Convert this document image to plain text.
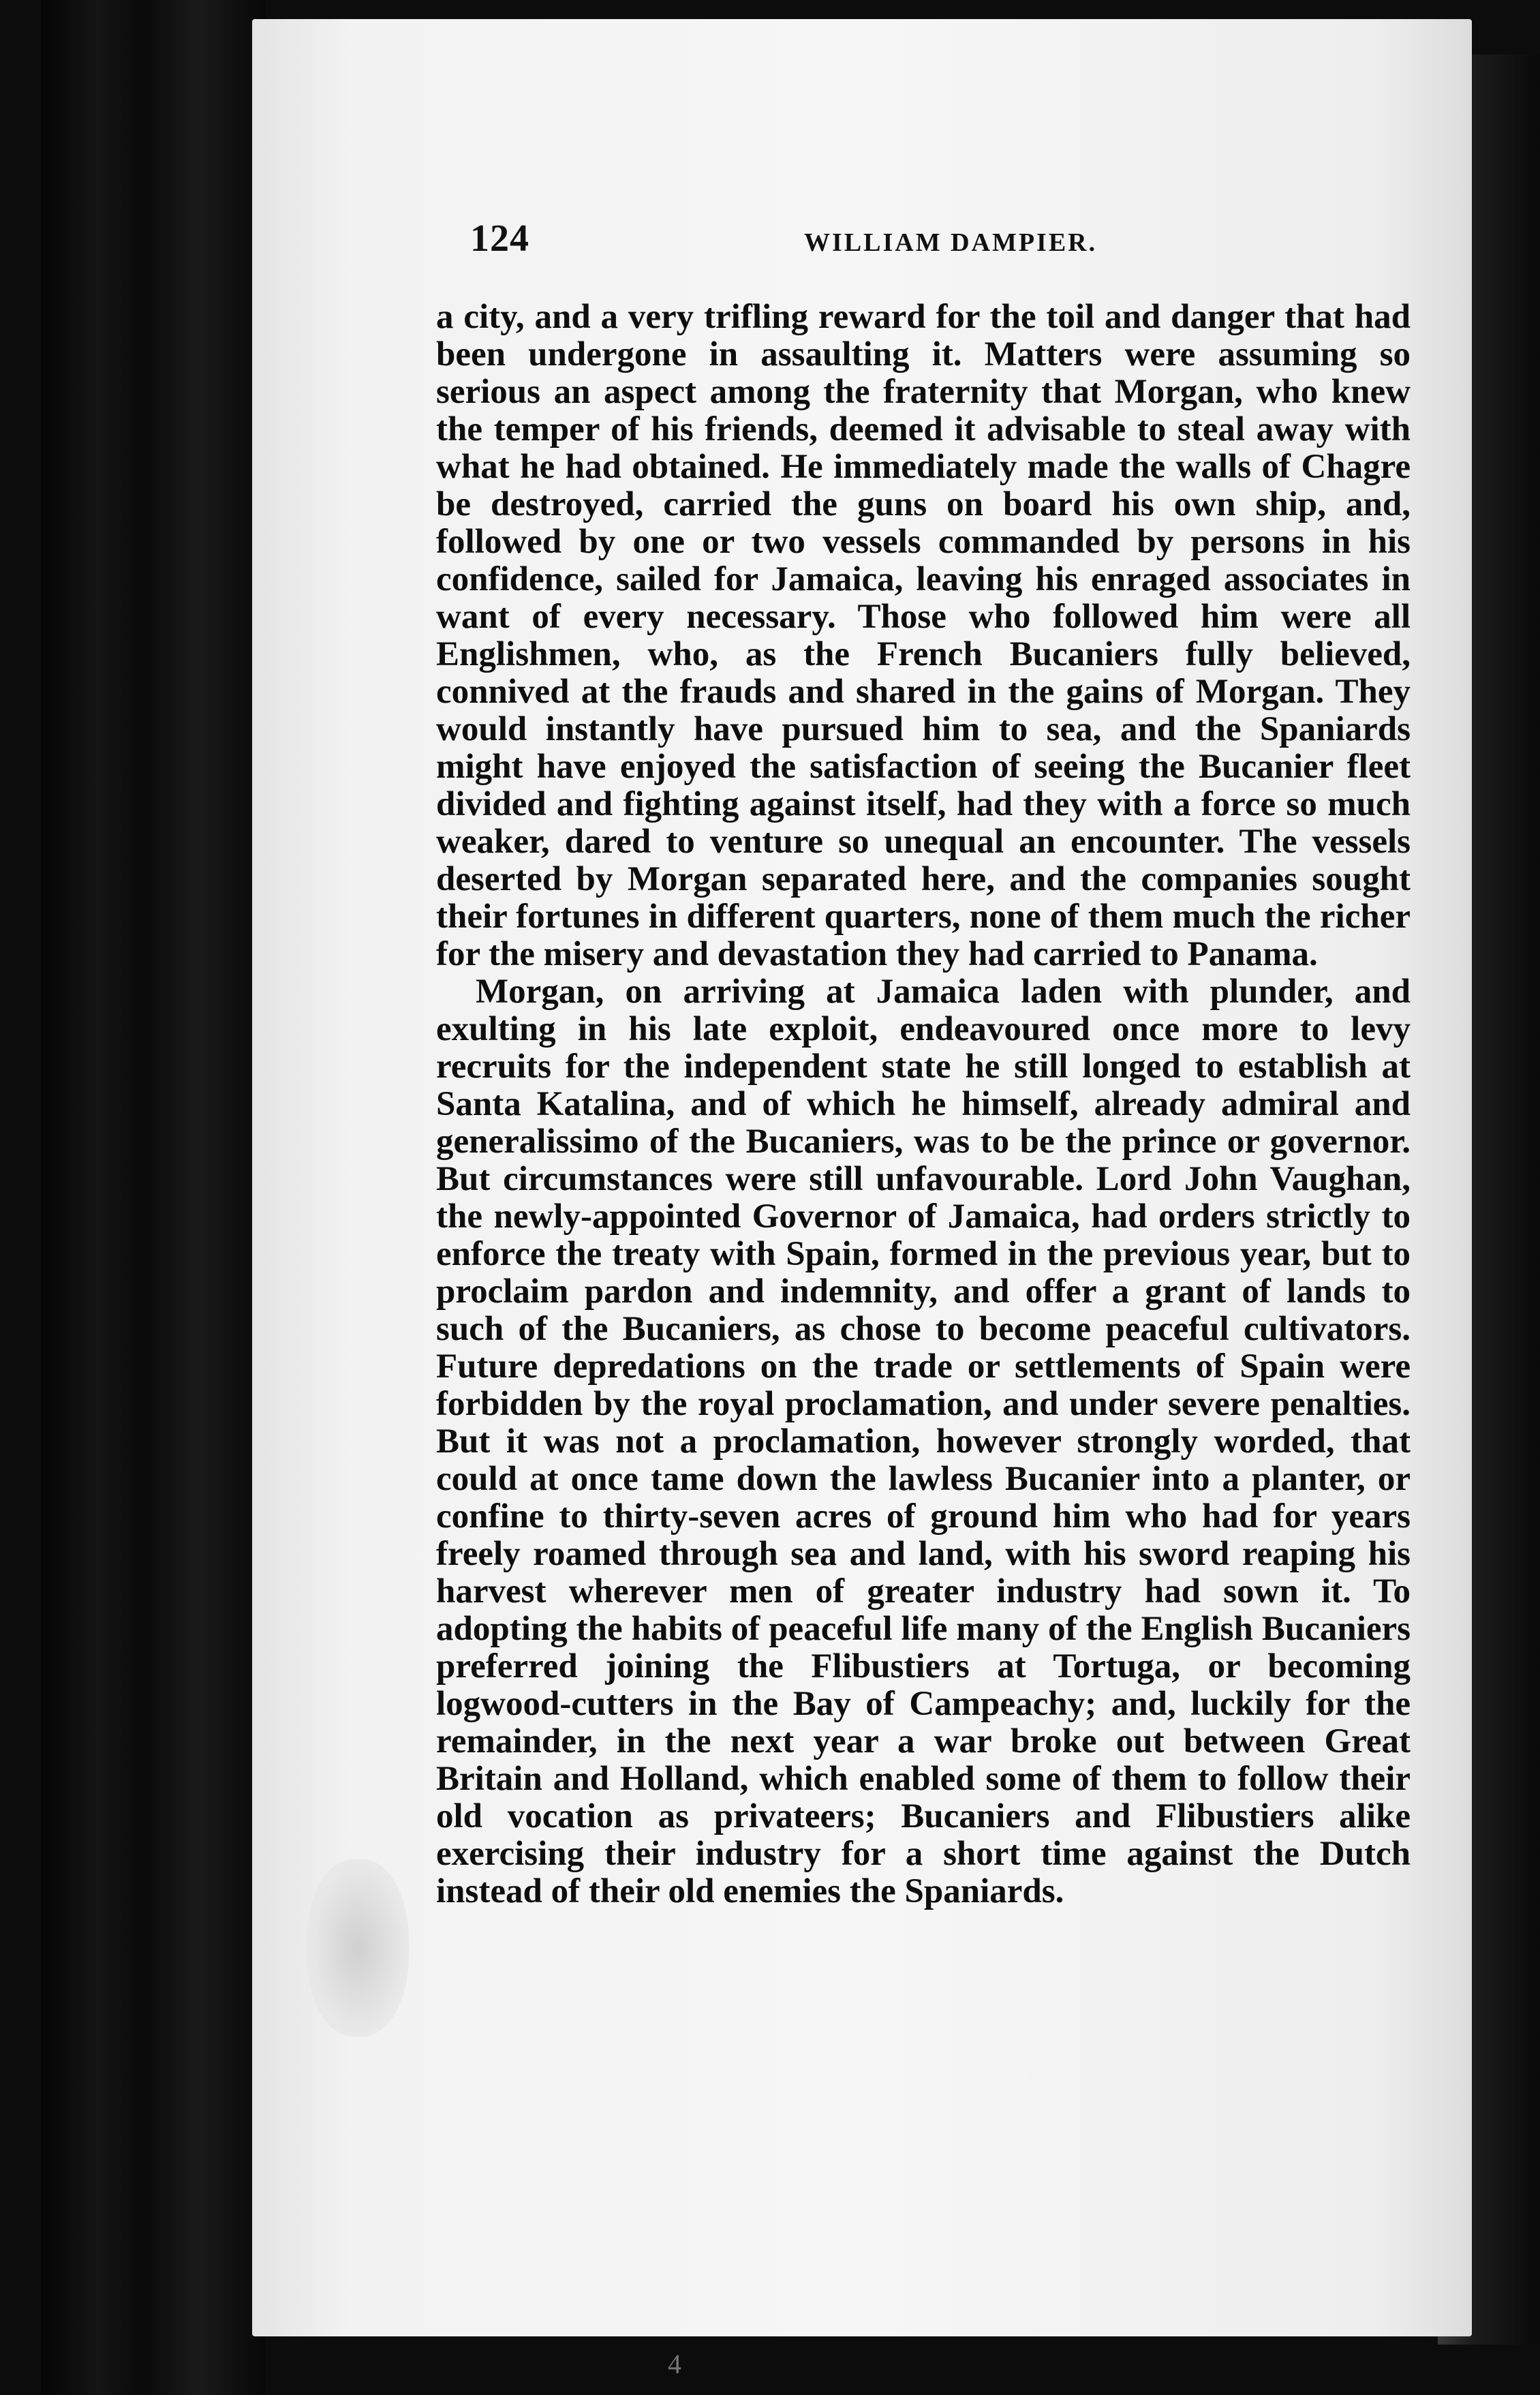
124	WILLIAM DAMPIER.

a city, and a very trifling reward for the toil and danger that had been undergone in assaulting it. Matters were assuming so serious an aspect among the fraternity that Morgan, who knew the temper of his friends, deemed it advisable to steal away with what he had obtained. He immediately made the walls of Chagre be destroyed, carried the guns on board his own ship, and, followed by one or two vessels commanded by persons in his confidence, sailed for Jamaica, leaving his enraged associates in want of every necessary. Those who followed him were all Englishmen, who, as the French Bucaniers fully believed, connived at the frauds and shared in the gains of Morgan. They would instantly have pursued him to sea, and the Spaniards might have enjoyed the satisfaction of seeing the Bucanier fleet divided and fighting against itself, had they with a force so much weaker, dared to venture so unequal an encounter. The vessels deserted by Morgan separated here, and the companies sought their fortunes in different quarters, none of them much the richer for the misery and devastation they had carried to Panama.

Morgan, on arriving at Jamaica laden with plunder, and exulting in his late exploit, endeavoured once more to levy recruits for the independent state he still longed to establish at Santa Katalina, and of which he himself, already admiral and generalissimo of the Bucaniers, was to be the prince or governor. But circumstances were still unfavourable. Lord John Vaughan, the newly-appointed Governor of Jamaica, had orders strictly to enforce the treaty with Spain, formed in the previous year, but to proclaim pardon and indemnity, and offer a grant of lands to such of the Bucaniers, as chose to become peaceful cultivators. Future depredations on the trade or settlements of Spain were forbidden by the royal proclamation, and under severe penalties. But it was not a proclamation, however strongly worded, that could at once tame down the lawless Bucanier into a planter, or confine to thirty-seven acres of ground him who had for years freely roamed through sea and land, with his sword reaping his harvest wherever men of greater industry had sown it. To adopting the habits of peaceful life many of the English Bucaniers preferred joining the Flibustiers at Tortuga, or becoming logwood-cutters in the Bay of Campeachy; and, luckily for the remainder, in the next year a war broke out between Great Britain and Holland, which enabled some of them to follow their old vocation as privateers; Bucaniers and Flibustiers alike exercising their industry for a short time against the Dutch instead of their old enemies the Spaniards.

4
